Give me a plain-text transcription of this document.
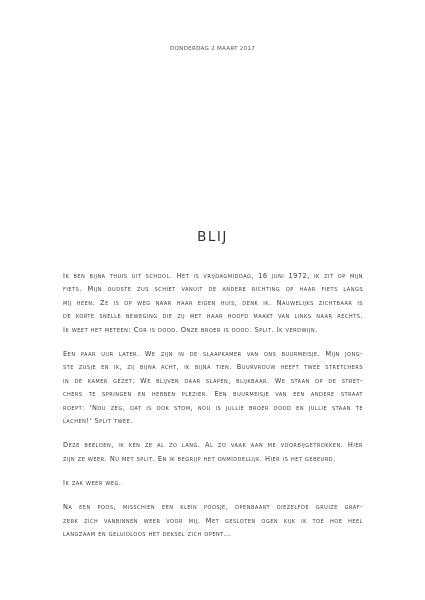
DONDERDAG 2 MAART 2017
BLIJ
Ik ben bijna thuis uit school. Het is vrijdagmiddag, 16 juni 1972, ik zit op mijn
fiets. Mijn oudste zus schiet vanuit de andere richting op haar fiets langs
mij heen. Ze is op weg naar haar eigen huis, denk ik. Nauwelijks zichtbaar is
de korte snelle beweging die zij met haar hoofd maakt van links naar rechts.
Ik weet het meteen: Cor is dood. Onze broer is dood. Split. Ik verdwijn.
Een paar uur later. We zijn in de slaapkamer van ons buurmeisje. Mijn jong-
ste zusje en ik, zij bijna acht, ik bijna tien. Buurvrouw heeft twee stretchers
in de kamer gezet. We blijven daar slapen, blijkbaar. We staan op de stret-
chers te springen en hebben plezier. Een buurmeisje van een andere straat
roept: 'Nou zeg, dat is ook stom, nou is jullie broer dood en jullie staan te
lachen!' Split twee.
Deze beelden, ik ken ze al zo lang. Al zo vaak aan me voorbijgetrokken. Hier
zijn ze weer. Nu met split. En ik begrijp het onmiddellijk. Hier is het gebeurd.
Ik zak weer weg.
Na een poos, misschien een klein poosje, openbaart diezelfde gruize graf-
zerk zich vanbinnen weer voor mij. Met gesloten ogen kijk ik toe hoe heel
langzaam en geluidloos het deksel zich opent…
